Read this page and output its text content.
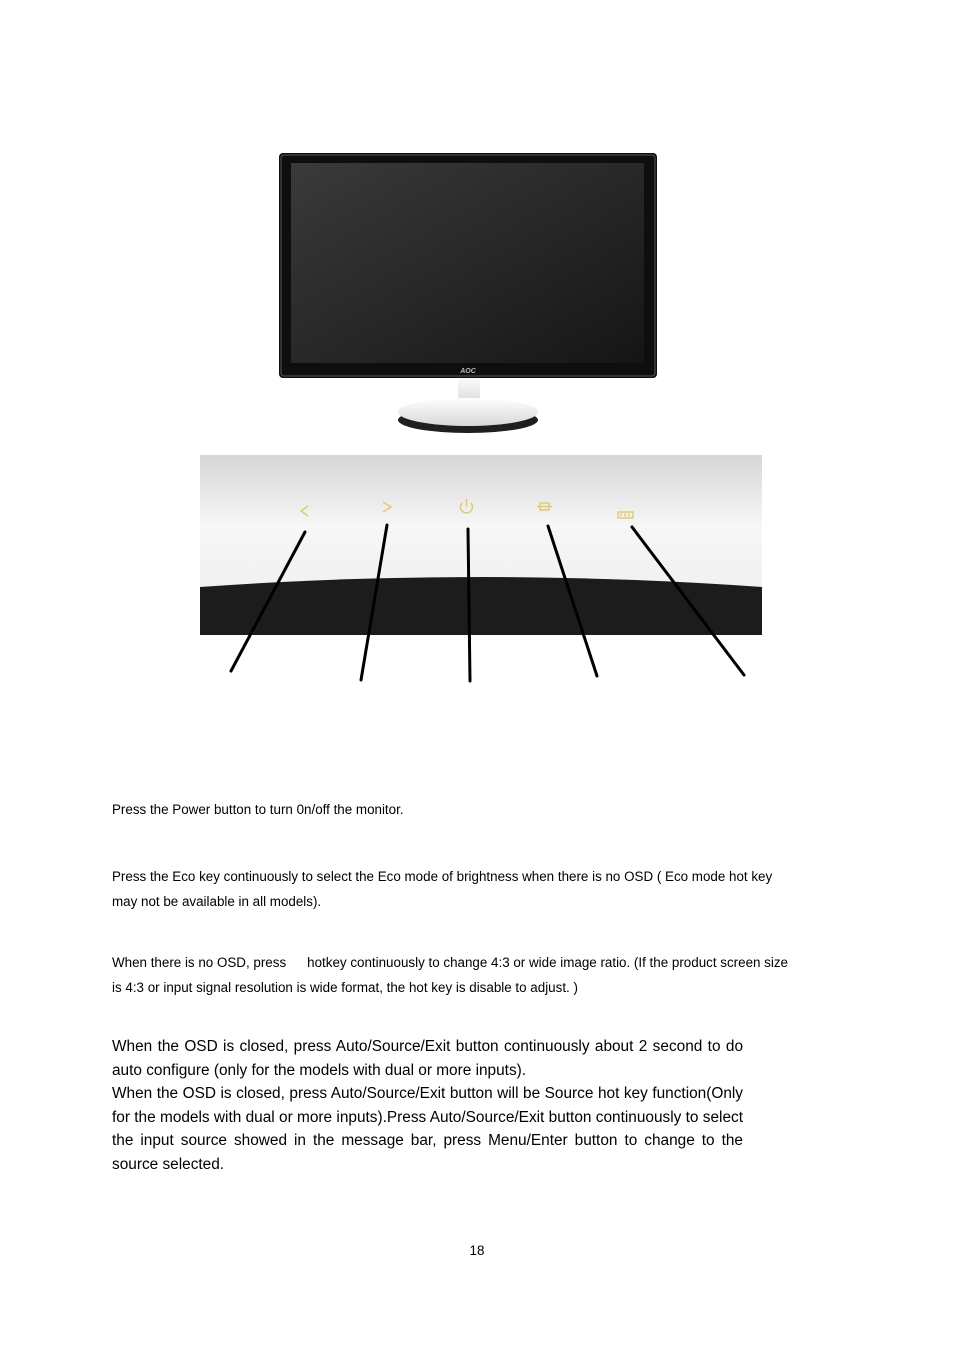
AOC
Press the Power button to turn 0n/off the monitor.
Press the Eco key continuously to select the Eco mode of brightness when there is no OSD ( Eco mode hot key
may not be available in all models).
When there is no OSD, press hotkey continuously to change 4:3 or wide image ratio. (If the product screen size
is 4:3 or input signal resolution is wide format, the hot key is disable to adjust. )

When the OSD is closed, press Auto/Source/Exit button continuously about 2 second to do auto configure (only for the models with dual or more inputs).

When the OSD is closed, press Auto/Source/Exit button will be Source hot key function(Only for the models with dual or more inputs).Press Auto/Source/Exit button continuously to select the input source showed in the message bar, press Menu/Enter button to change to the source selected.

18
